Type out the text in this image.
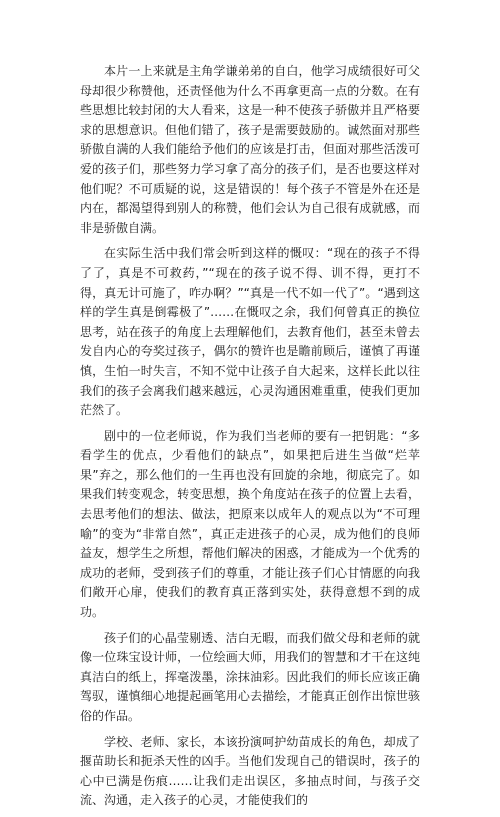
本片一上来就是主角学谦弟弟的自白，他学习成绩很好可父母却很少称赞他，还责怪他为什么不再拿更高一点的分数。在有些思想比较封闭的大人看来，这是一种不使孩子骄傲并且严格要求的思想意识。但他们错了，孩子是需要鼓励的。诚然面对那些骄傲自满的人我们能给予他们的应该是打击，但面对那些活泼可爱的孩子们，那些努力学习拿了高分的孩子们，是否也要这样对他们呢？不可质疑的说，这是错误的！每个孩子不管是外在还是内在，都渴望得到别人的称赞，他们会认为自己很有成就感，而非是骄傲自满。

在实际生活中我们常会听到这样的慨叹：“现在的孩子不得了了，真是不可救药，”“现在的孩子说不得、训不得，更打不得，真无计可施了，咋办啊？”“真是一代不如一代了”。“遇到这样的学生真是倒霉极了”……在慨叹之余，我们何曾真正的换位思考，站在孩子的角度上去理解他们，去教育他们，甚至未曾去发自内心的夸奖过孩子，偶尔的赞许也是瞻前顾后，谨慎了再谨慎，生怕一时失言，不知不觉中让孩子自大起来，这样长此以往我们的孩子会离我们越来越远，心灵沟通困难重重，使我们更加茫然了。

剧中的一位老师说，作为我们当老师的要有一把钥匙：“多看学生的优点，少看他们的缺点”，如果把后进生当做“烂苹果”弃之，那么他们的一生再也没有回旋的余地，彻底完了。如果我们转变观念，转变思想，换个角度站在孩子的位置上去看，去思考他们的想法、做法，把原来以成年人的观点以为“不可理喻”的变为“非常自然”，真正走进孩子的心灵，成为他们的良师益友，想学生之所想，帮他们解决的困惑，才能成为一个优秀的成功的老师，受到孩子们的尊重，才能让孩子们心甘情愿的向我们敞开心扉，使我们的教育真正落到实处，获得意想不到的成功。

孩子们的心晶莹剔透、洁白无暇，而我们做父母和老师的就像一位珠宝设计师，一位绘画大师，用我们的智慧和才干在这纯真洁白的纸上，挥毫泼墨，涂抹油彩。因此我们的师长应该正确驾驭，谨慎细心地提起画笔用心去描绘，才能真正创作出惊世骇俗的作品。

学校、老师、家长，本该扮演呵护幼苗成长的角色，却成了揠苗助长和扼杀天性的凶手。当他们发现自己的错误时，孩子的心中已满是伤痕……让我们走出误区，多抽点时间，与孩子交流、沟通，走入孩子的心灵，才能使我们的
